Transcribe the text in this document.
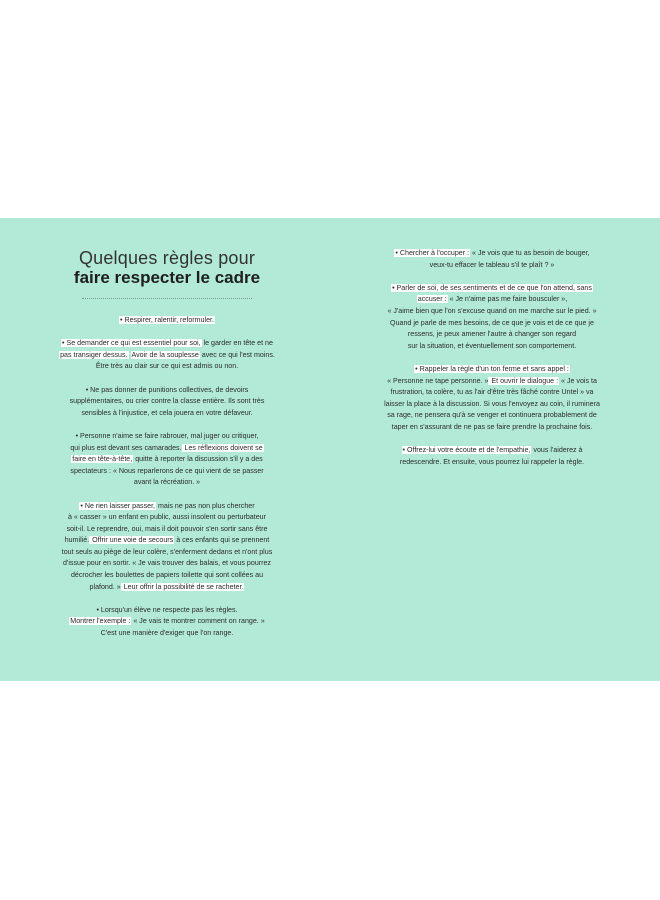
Quelques règles pour
faire respecter le cadre

• Respirer, ralentir, reformuler.

• Se demander ce qui est essentiel pour soi, le garder en tête et ne
pas transiger dessus. Avoir de la souplesse avec ce qui l'est moins.
Être très au clair sur ce qui est admis ou non.

• Ne pas donner de punitions collectives, de devoirs
supplémentaires, ou crier contre la classe entière. Ils sont très
sensibles à l'injustice, et cela jouera en votre défaveur.

• Personne n'aime se faire rabrouer, mal juger ou critiquer,
qui plus est devant ses camarades. Les réflexions doivent se
faire en tête-à-tête, quitte à reporter la discussion s'il y a des
spectateurs : « Nous reparlerons de ce qui vient de se passer
avant la récréation. »

• Ne rien laisser passer, mais ne pas non plus chercher
à « casser » un enfant en public, aussi insolent ou perturbateur
soit-il. Le reprendre, oui, mais il doit pouvoir s'en sortir sans être
humilié. Offrir une voie de secours à ces enfants qui se prennent
tout seuls au piège de leur colère, s'enferment dedans et n'ont plus
d'issue pour en sortir. « Je vais trouver des balais, et vous pourrez
décrocher les boulettes de papiers toilette qui sont collées au
plafond. » Leur offrir la possibilité de se racheter.

• Lorsqu'un élève ne respecte pas les règles.
Montrer l'exemple : « Je vais te montrer comment on range. »
C'est une manière d'exiger que l'on range.

• Chercher à l'occuper : « Je vois que tu as besoin de bouger,
veux-tu effacer le tableau s'il te plaît ? »

• Parler de soi, de ses sentiments et de ce que l'on attend, sans
accuser : « Je n'aime pas me faire bousculer »,
« J'aime bien que l'on s'excuse quand on me marche sur le pied. »
Quand je parle de mes besoins, de ce que je vois et de ce que je
ressens, je peux amener l'autre à changer son regard
sur la situation, et éventuellement son comportement.

• Rappeler la règle d'un ton ferme et sans appel :
« Personne ne tape personne. » Et ouvrir le dialogue : « Je vois ta
frustration, ta colère, tu as l'air d'être très fâché contre Untel » va
laisser la place à la discussion. Si vous l'envoyez au coin, il ruminera
sa rage, ne pensera qu'à se venger et continuera probablement de
taper en s'assurant de ne pas se faire prendre la prochaine fois.

• Offrez-lui votre écoute et de l'empathie, vous l'aiderez à
redescendre. Et ensuite, vous pourrez lui rappeler la règle.
